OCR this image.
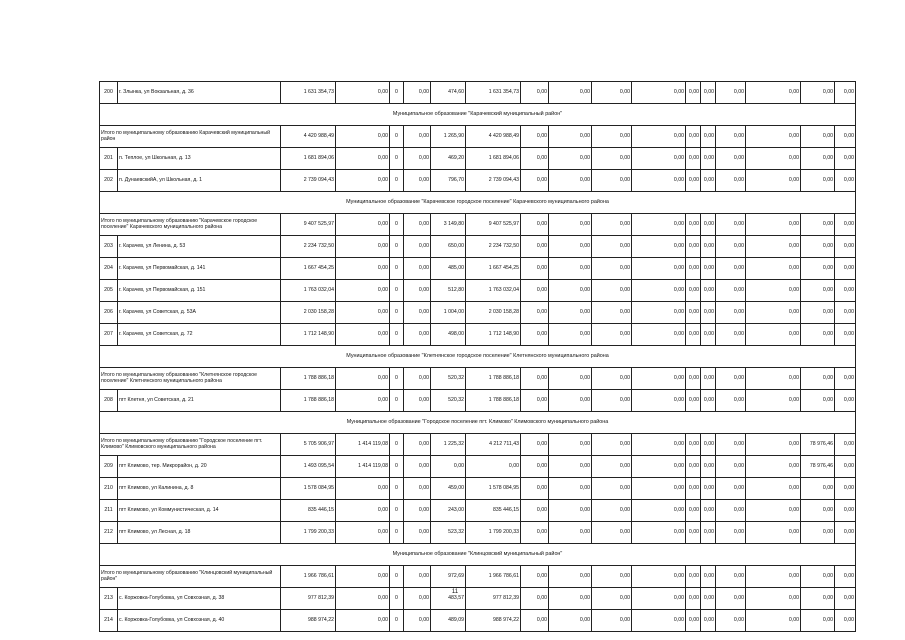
200	г. Злынка, ул Вокзальная, д. 36	1 631 354,73	0,00	0	0,00	474,60	1 631 354,73	0,00	0,00	0,00	0,00	0,00	0,00	0,00	0,00	0,00	0,00
Муниципальное образование "Карачевский муниципальный район"																	
Итого по муниципальному образованию Карачевский муниципальный район		4 420 988,49	0,00	0	0,00	1 265,90	4 420 988,49	0,00	0,00	0,00	0,00	0,00	0,00	0,00	0,00	0,00	0,00
201	п. Теплое, ул Школьная, д. 13	1 681 894,06	0,00	0	0,00	469,20	1 681 894,06	0,00	0,00	0,00	0,00	0,00	0,00	0,00	0,00	0,00	0,00
202	п. ДунаевскийА, ул Школьная, д. 1	2 739 094,43	0,00	0	0,00	796,70	2 739 094,43	0,00	0,00	0,00	0,00	0,00	0,00	0,00	0,00	0,00	0,00
Муниципальное образование "Карачевское городское поселение" Карачевского муниципального района																	
Итого по муниципальному образованию "Карачевское городское поселение" Карачевского муниципального района		9 407 525,97	0,00	0	0,00	3 149,80	9 407 525,97	0,00	0,00	0,00	0,00	0,00	0,00	0,00	0,00	0,00	0,00
203	г. Карачев, ул Ленина, д. 53	2 234 732,50	0,00	0	0,00	650,00	2 234 732,50	0,00	0,00	0,00	0,00	0,00	0,00	0,00	0,00	0,00	0,00
204	г. Карачев, ул Первомайская, д. 141	1 667 454,25	0,00	0	0,00	485,00	1 667 454,25	0,00	0,00	0,00	0,00	0,00	0,00	0,00	0,00	0,00	0,00
205	г. Карачев, ул Первомайская, д. 151	1 763 032,04	0,00	0	0,00	512,80	1 763 032,04	0,00	0,00	0,00	0,00	0,00	0,00	0,00	0,00	0,00	0,00
206	г. Карачев, ул Советская, д. 53А	2 030 158,28	0,00	0	0,00	1 004,00	2 030 158,28	0,00	0,00	0,00	0,00	0,00	0,00	0,00	0,00	0,00	0,00
207	г. Карачев, ул Советская, д. 72	1 712 148,90	0,00	0	0,00	498,00	1 712 148,90	0,00	0,00	0,00	0,00	0,00	0,00	0,00	0,00	0,00	0,00
Муниципальное образование "Клетнянское городское поселение" Клетнянского муниципального района																	
Итого по муниципальному образованию "Клетнянское городское поселение" Клетнянского муниципального района		1 788 886,18	0,00	0	0,00	520,32	1 788 886,18	0,00	0,00	0,00	0,00	0,00	0,00	0,00	0,00	0,00	0,00
208	пгт Клетня, ул Советская, д. 21	1 788 886,18	0,00	0	0,00	520,32	1 788 886,18	0,00	0,00	0,00	0,00	0,00	0,00	0,00	0,00	0,00	0,00
Муниципальное образование "Городское поселение пгт. Климово" Климовского муниципального района																	
Итого по муниципальному образованию "Городское поселение пгт. Климово" Климовского муниципального района		5 705 906,97	1 414 119,08	0	0,00	1 225,32	4 212 711,43	0,00	0,00	0,00	0,00	0,00	0,00	0,00	0,00	78 976,46	0,00
209	пгт Климово, тер. Микрорайон, д. 20	1 493 095,54	1 414 119,08	0	0,00	0,00	0,00	0,00	0,00	0,00	0,00	0,00	0,00	0,00	0,00	78 976,46	0,00
210	пгт Климово, ул Калинина, д. 8	1 578 084,95	0,00	0	0,00	459,00	1 578 084,95	0,00	0,00	0,00	0,00	0,00	0,00	0,00	0,00	0,00	0,00
211	пгт Климово, ул Коммунистическая, д. 14	835 446,15	0,00	0	0,00	243,00	835 446,15	0,00	0,00	0,00	0,00	0,00	0,00	0,00	0,00	0,00	0,00
212	пгт Климово, ул Лесная, д. 18	1 799 200,33	0,00	0	0,00	523,32	1 799 200,33	0,00	0,00	0,00	0,00	0,00	0,00	0,00	0,00	0,00	0,00
Муниципальное образование "Клинцовский муниципальный район"																	
Итого по муниципальному образованию "Клинцовский муниципальный район"		1 966 786,61	0,00	0	0,00	972,69	1 966 786,61	0,00	0,00	0,00	0,00	0,00	0,00	0,00	0,00	0,00	0,00
213	с. Коржовка-Голубовка, ул Совхозная, д. 38	977 812,39	0,00	0	0,00	483,57	977 812,39	0,00	0,00	0,00	0,00	0,00	0,00	0,00	0,00	0,00	0,00
214	с. Коржовка-Голубовка, ул Совхозная, д. 40	988 974,22	0,00	0	0,00	489,09	988 974,22	0,00	0,00	0,00	0,00	0,00	0,00	0,00	0,00	0,00	0,00
11
